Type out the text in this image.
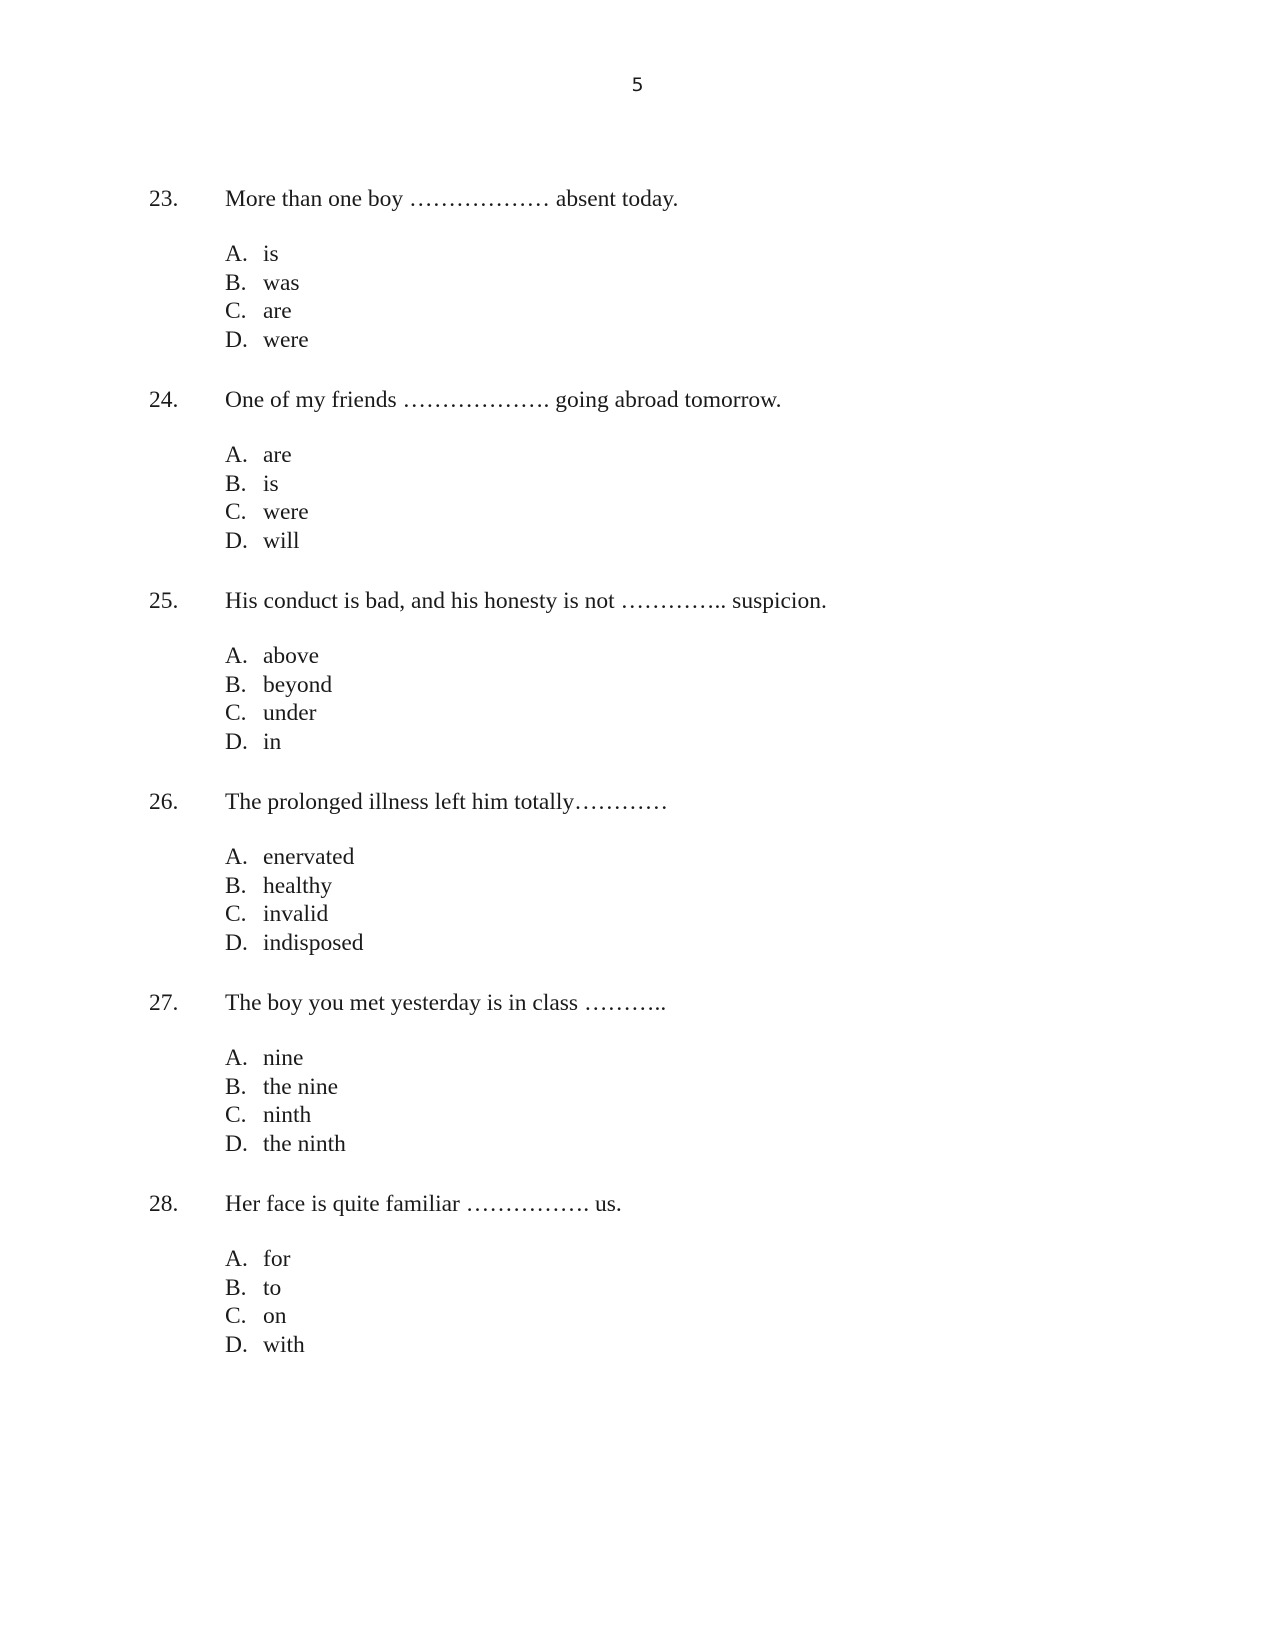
5
23. More than one boy ……………… absent today.
A. is
B. was
C. are
D. were
24. One of my friends ………………. going abroad tomorrow.
A. are
B. is
C. were
D. will
25. His conduct is bad, and his honesty is not ………….. suspicion.
A. above
B. beyond
C. under
D. in
26. The prolonged illness left him totally…………
A. enervated
B. healthy
C. invalid
D. indisposed
27. The boy you met yesterday is in class ………..
A. nine
B. the nine
C. ninth
D. the ninth
28. Her face is quite familiar ……………. us.
A. for
B. to
C. on
D. with
